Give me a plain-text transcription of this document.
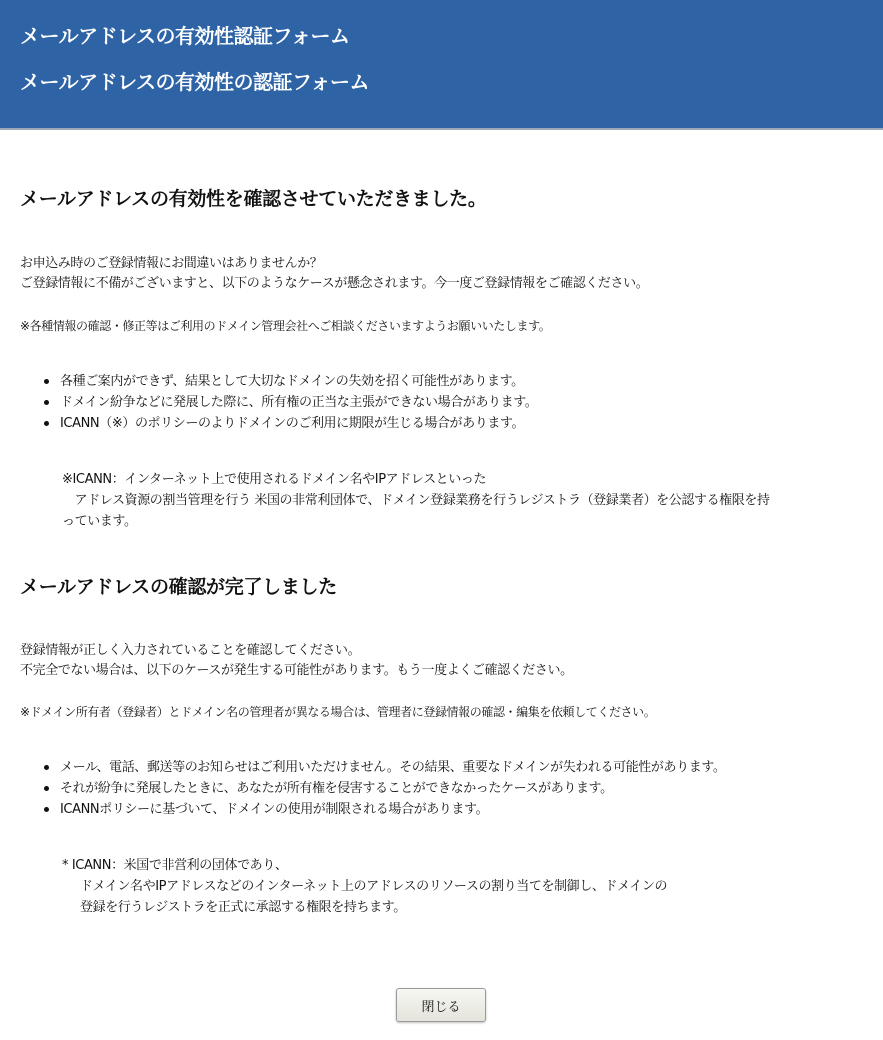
メールアドレスの有効性認証フォーム
メールアドレスの有効性の認証フォーム
メールアドレスの有効性を確認させていただきました。

お申込み時のご登録情報にお間違いはありませんか？

ご登録情報に不備がございますと、以下のようなケースが懸念されます。今一度ご登録情報をご確認ください。

※各種情報の確認・修正等はご利用のドメイン管理会社へご相談くださいますようお願いいたします。

各種ご案内ができず、結果として大切なドメインの失効を招く可能性があります。
ドメイン紛争などに発展した際に、所有権の正当な主張ができない場合があります。
ICANN（※）のポリシーのよりドメインのご利用に期限が生じる場合があります。
※ICANN：インターネット上で使用されるドメイン名やIPアドレスといった
　アドレス資源の割当管理を行う 米国の非常利団体で、ドメイン登録業務を行うレジストラ（登録業者）を公認する権限を持
っています。
メールアドレスの確認が完了しました

登録情報が正しく入力されていることを確認してください。

不完全でない場合は、以下のケースが発生する可能性があります。もう一度よくご確認ください。

※ドメイン所有者（登録者）とドメイン名の管理者が異なる場合は、管理者に登録情報の確認・編集を依頼してください。

メール、電話、郵送等のお知らせはご利用いただけません。その結果、重要なドメインが失われる可能性があります。
それが紛争に発展したときに、あなたが所有権を侵害することができなかったケースがあります。
ICANNポリシーに基づいて、ドメインの使用が制限される場合があります。
* ICANN：米国で非営利の団体であり、
ドメイン名やIPアドレスなどのインターネット上のアドレスのリソースの割り当てを制御し、ドメインの
登録を行うレジストラを正式に承認する権限を持ちます。
閉じる
